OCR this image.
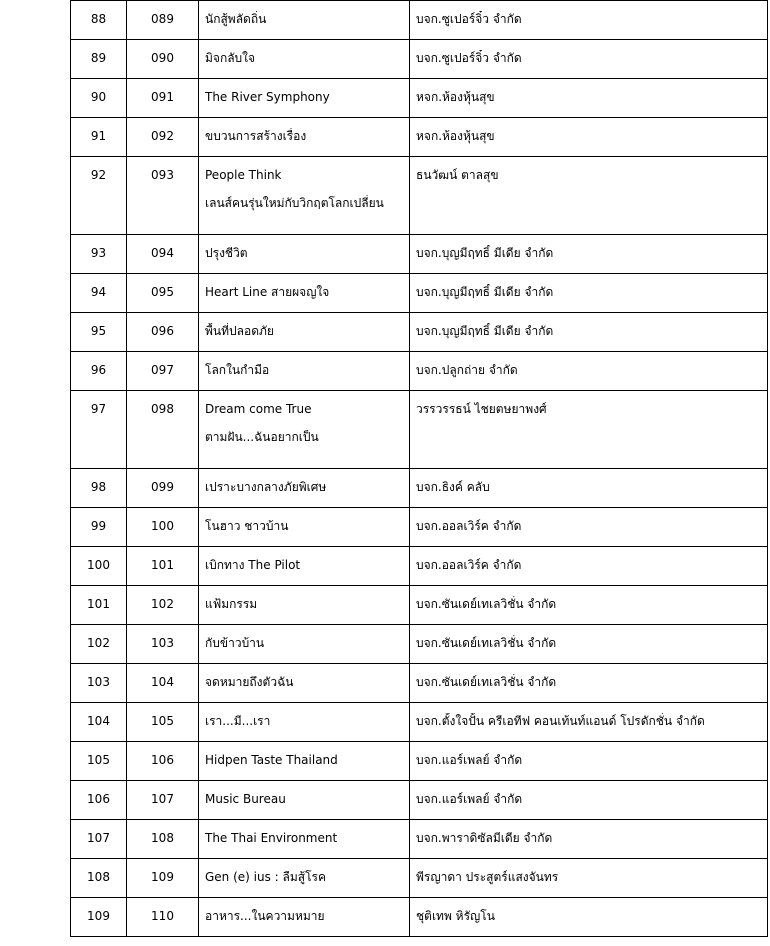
88	089	นักสู้พลัดถิ่น	บจก.ซูเปอร์จิ๋ว จำกัด

89	090	มิจกลับใจ	บจก.ซูเปอร์จิ๋ว จำกัด

90	091	The River Symphony	หจก.ห้องหุ้นสุข

91	092	ขบวนการสร้างเรื่อง	หจก.ห้องหุ้นสุข

92	093	People Think
เลนส์คนรุ่นใหม่กับวิกฤตโลกเปลี่ยน	ธนวัฒน์ ตาลสุข

93	094	ปรุงชีวิต	บจก.บุญมีฤทธิ์ มีเดีย จำกัด

94	095	Heart Line สายผจญใจ	บจก.บุญมีฤทธิ์ มีเดีย จำกัด

95	096	พื้นที่ปลอดภัย	บจก.บุญมีฤทธิ์ มีเดีย จำกัด

96	097	โลกในกำมือ	บจก.ปลูกถ่าย จำกัด

97	098	Dream come True
ตามฝัน...ฉันอยากเป็น	วรรวรรธน์ ไชยตษยาพงศ์

98	099	เปราะบางกลางภัยพิเศษ	บจก.ธิงค์ คลับ

99	100	โนฮาว ชาวบ้าน	บจก.ออลเวิร์ค จำกัด

100	101	เบิกทาง The Pilot	บจก.ออลเวิร์ค จำกัด

101	102	แฟ้มกรรม	บจก.ซันเดย์เทเลวิชั่น จำกัด

102	103	กับข้าวบ้าน	บจก.ซันเดย์เทเลวิชั่น จำกัด

103	104	จดหมายถึงตัวฉัน	บจก.ซันเดย์เทเลวิชั่น จำกัด

104	105	เรา...มี...เรา	บจก.ตั้งใจปั้น ครีเอทีฟ คอนเท้นท์แอนด์ โปรดักชั่น จำกัด

105	106	Hidpen Taste Thailand	บจก.แอร์เพลย์ จำกัด

106	107	Music Bureau	บจก.แอร์เพลย์ จำกัด

107	108	The Thai Environment	บจก.พาราดิซัลมีเดีย จำกัด

108	109	Gen (e) ius : ลืมสู้โรค	พีรญาดา ประสูตร์แสงจันทร

109	110	อาหาร...ในความหมาย	ชุติเทพ หิรัญโน
